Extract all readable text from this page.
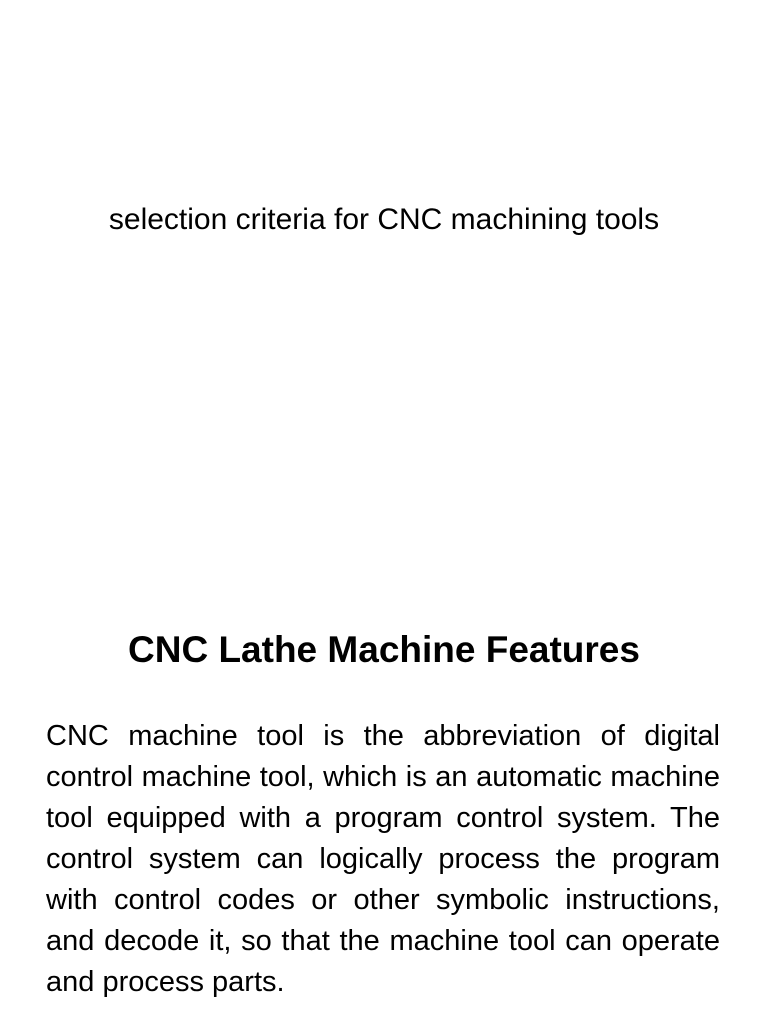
selection criteria for CNC machining tools
CNC Lathe Machine Features

CNC machine tool is the abbreviation of digital control machine tool, which is an automatic machine tool equipped with a program control system. The control system can logically process the program with control codes or other symbolic instructions, and decode it, so that the machine tool can operate and process parts.
